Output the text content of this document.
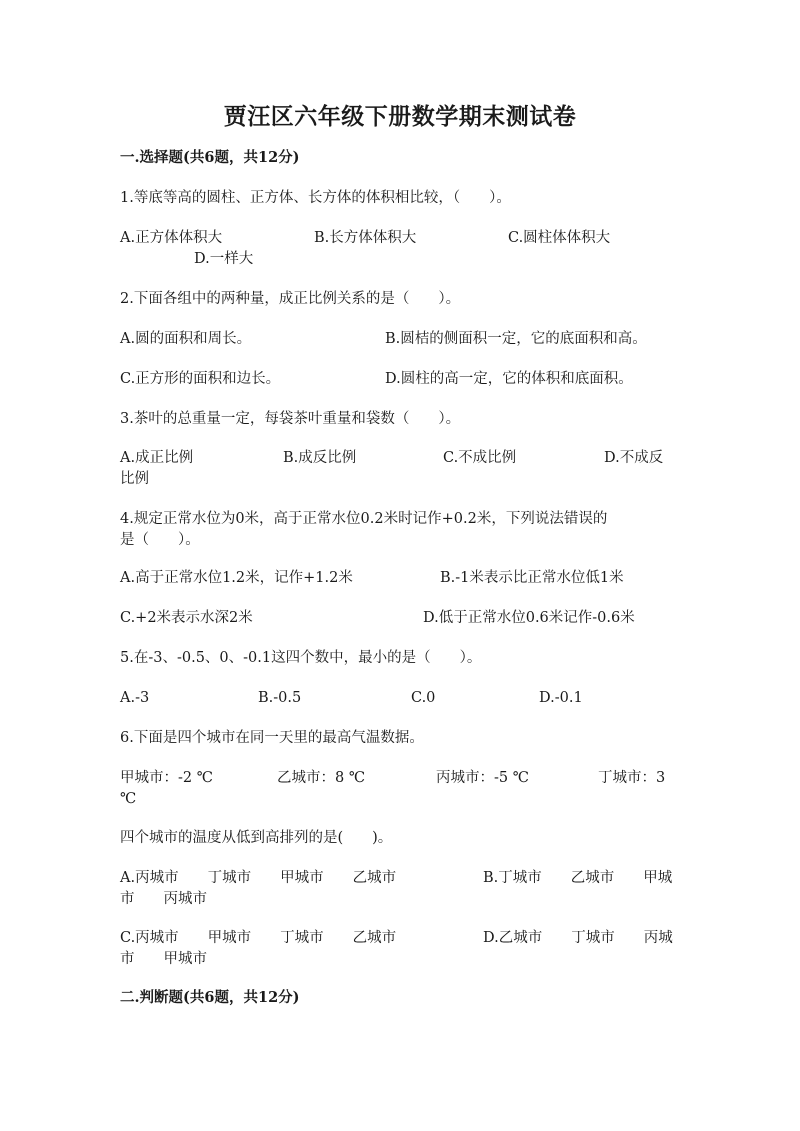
贾汪区六年级下册数学期末测试卷
一.选择题(共6题，共12分)
1.等底等高的圆柱、正方体、长方体的体积相比较，（　　）。
A.正方体体积大	B.长方体体积大	C.圆柱体体积大
D.一样大
2.下面各组中的两种量，成正比例关系的是（　　）。
A.圆的面积和周长。	B.圆桔的侧面积一定，它的底面积和高。
C.正方形的面积和边长。	D.圆柱的高一定，它的体积和底面积。
3.茶叶的总重量一定，每袋茶叶重量和袋数（　　）。
A.成正比例	B.成反比例	C.不成比例	D.不成反
比例
4.规定正常水位为0米，高于正常水位0.2米时记作+0.2米，下列说法错误的
是（　　）。
A.高于正常水位1.2米，记作+1.2米	B.-1米表示比正常水位低1米
C.+2米表示水深2米	D.低于正常水位0.6米记作-0.6米
5.在-3、-0.5、0、-0.1这四个数中，最小的是（　　）。
A.-3	B.-0.5	C.0	D.-0.1
6.下面是四个城市在同一天里的最高气温数据。
甲城市：-2 ℃	乙城市：8 ℃	丙城市：-5 ℃	丁城市：3
℃
四个城市的温度从低到高排列的是(　　)。
A.丙城市　　丁城市　　甲城市　　乙城市	B.丁城市　　乙城市　　甲城
市　　丙城市
C.丙城市　　甲城市　　丁城市　　乙城市	D.乙城市　　丁城市　　丙城
市　　甲城市
二.判断题(共6题，共12分)
